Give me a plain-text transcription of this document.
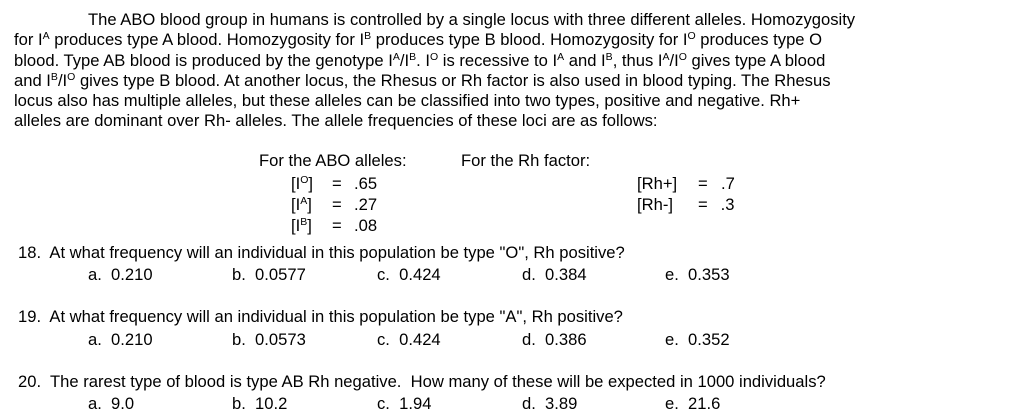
The ABO blood group in humans is controlled by a single locus with three different alleles. Homozygosity
for $I^A$ produces type A blood. Homozygosity for $I^B$ produces type B blood. Homozygosity for $I^O$ produces type O
blood. Type AB blood is produced by the genotype $I^A/I^B$. $I^O$ is recessive to $I^A$ and $I^B$, thus $I^A/I^O$ gives type A blood
and $I^B/I^O$ gives type B blood. At another locus, the Rhesus or Rh factor is also used in blood typing. The Rhesus
locus also has multiple alleles, but these alleles can be classified into two types, positive and negative. Rh+
alleles are dominant over Rh- alleles. The allele frequencies of these loci are as follows:
For the ABO alleles:	For the Rh factor:
$[I^O] = .65$
$[I^A] = .27$
$[I^B] = .08$
[Rh+] = .7
[Rh-] = .3
18.  At what frequency will an individual in this population be type "O", Rh positive?
a.  0.210	b.  0.0577	c.  0.424	d.  0.384	e.  0.353
19.  At what frequency will an individual in this population be type "A", Rh positive?
a.  0.210	b.  0.0573	c.  0.424	d.  0.386	e.  0.352
20.  The rarest type of blood is type AB Rh negative.  How many of these will be expected in 1000 individuals?
a.  9.0	b.  10.2	c.  1.94	d.  3.89	e.  21.6
